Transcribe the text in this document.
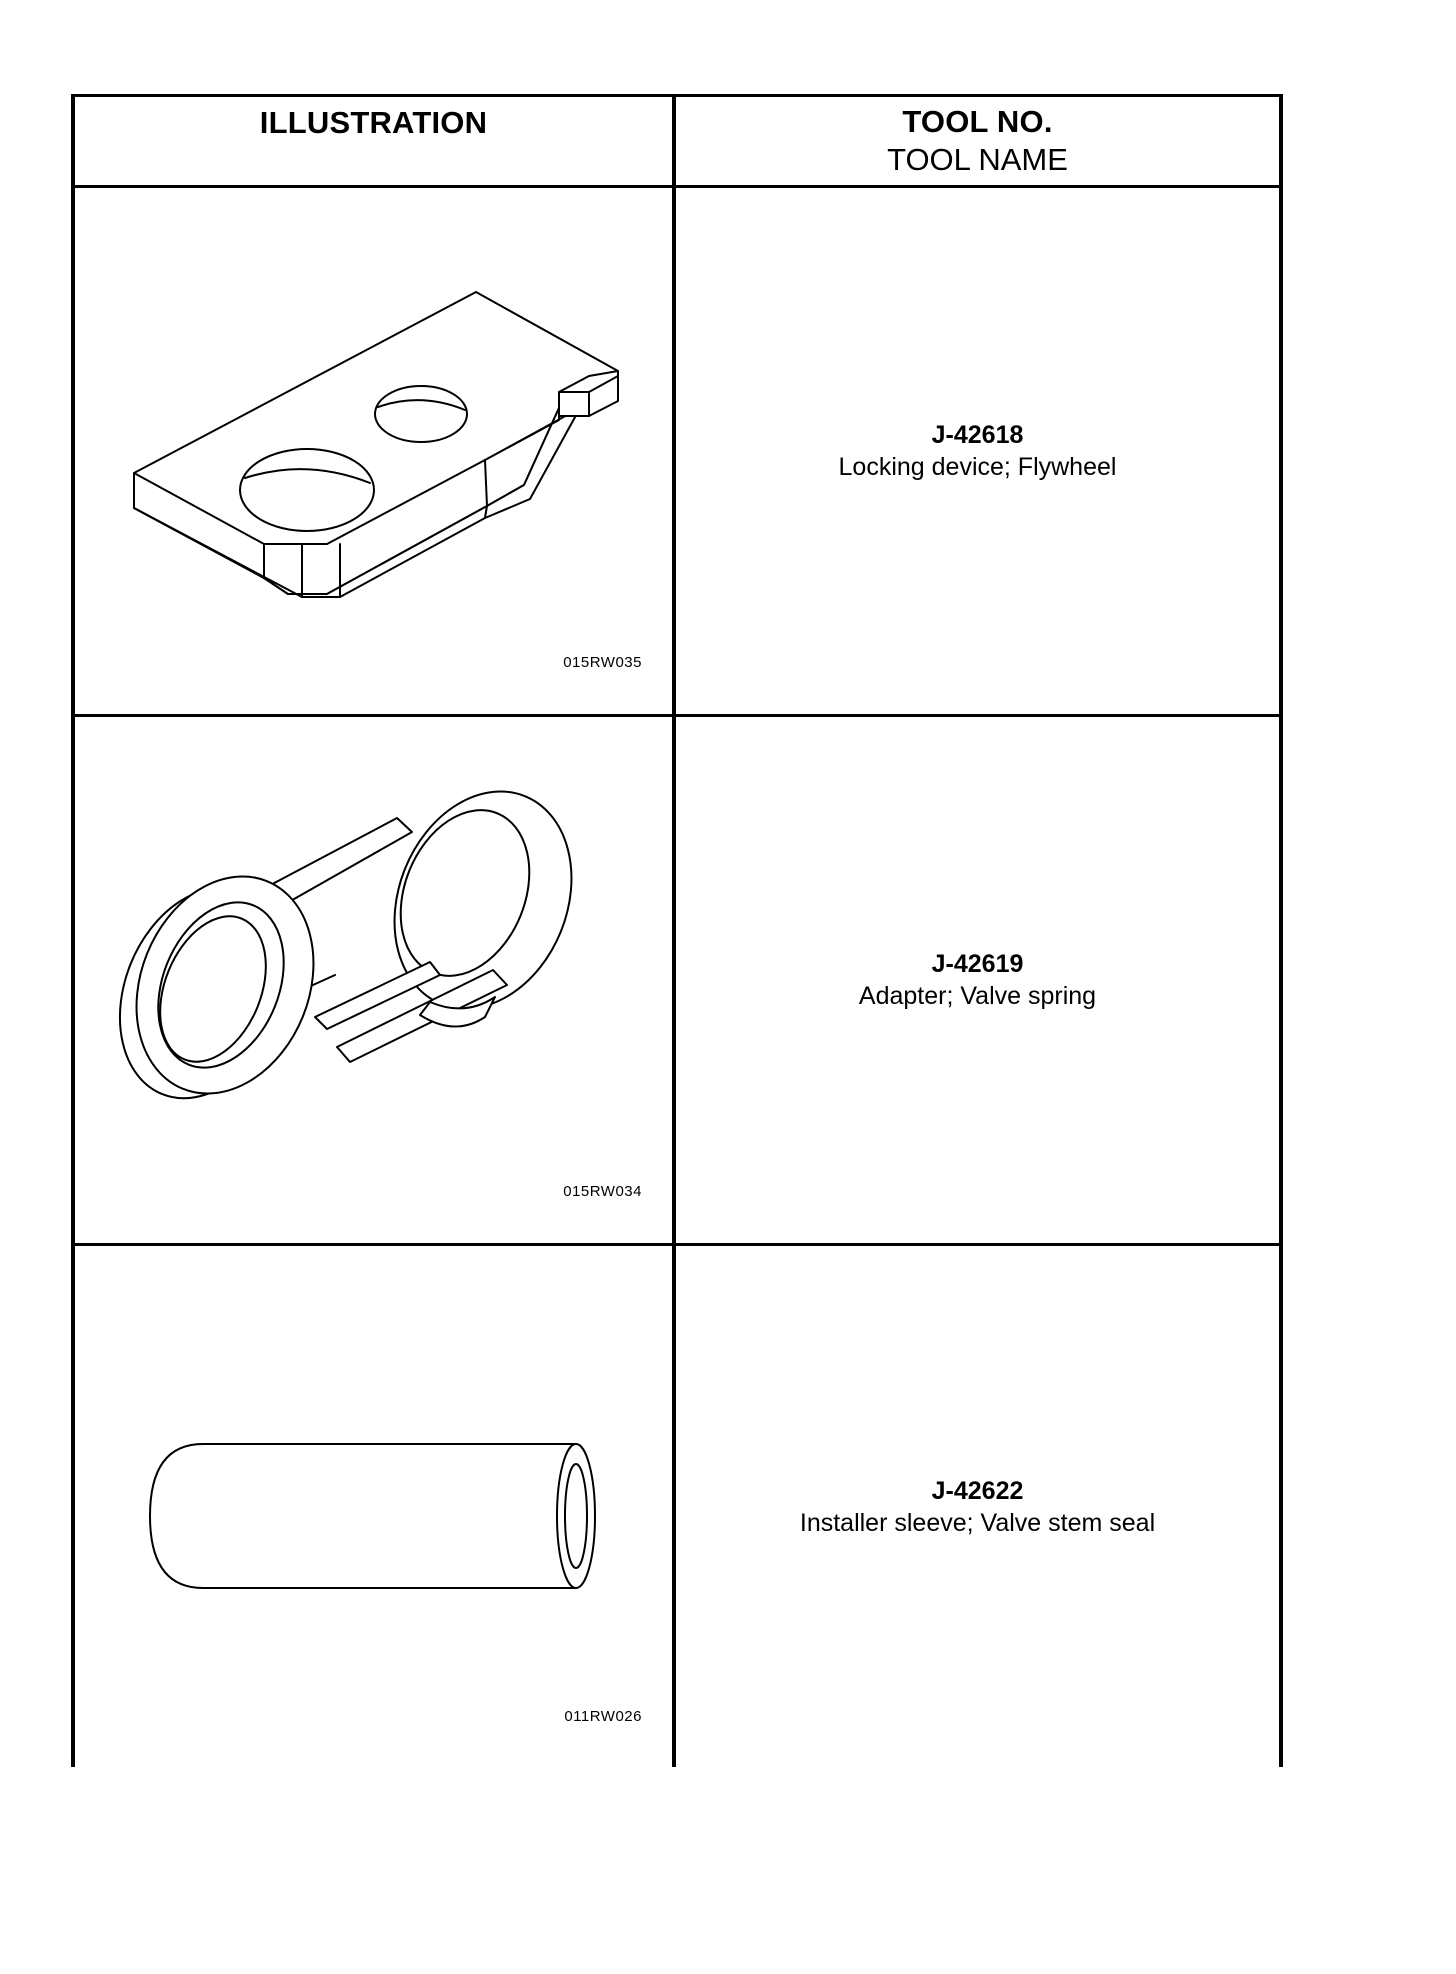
ILLUSTRATION	TOOL NO.
TOOL NAME
015RW035
J-42618
Locking device; Flywheel
015RW034
J-42619
Adapter; Valve spring
011RW026
J-42622
Installer sleeve; Valve stem seal
